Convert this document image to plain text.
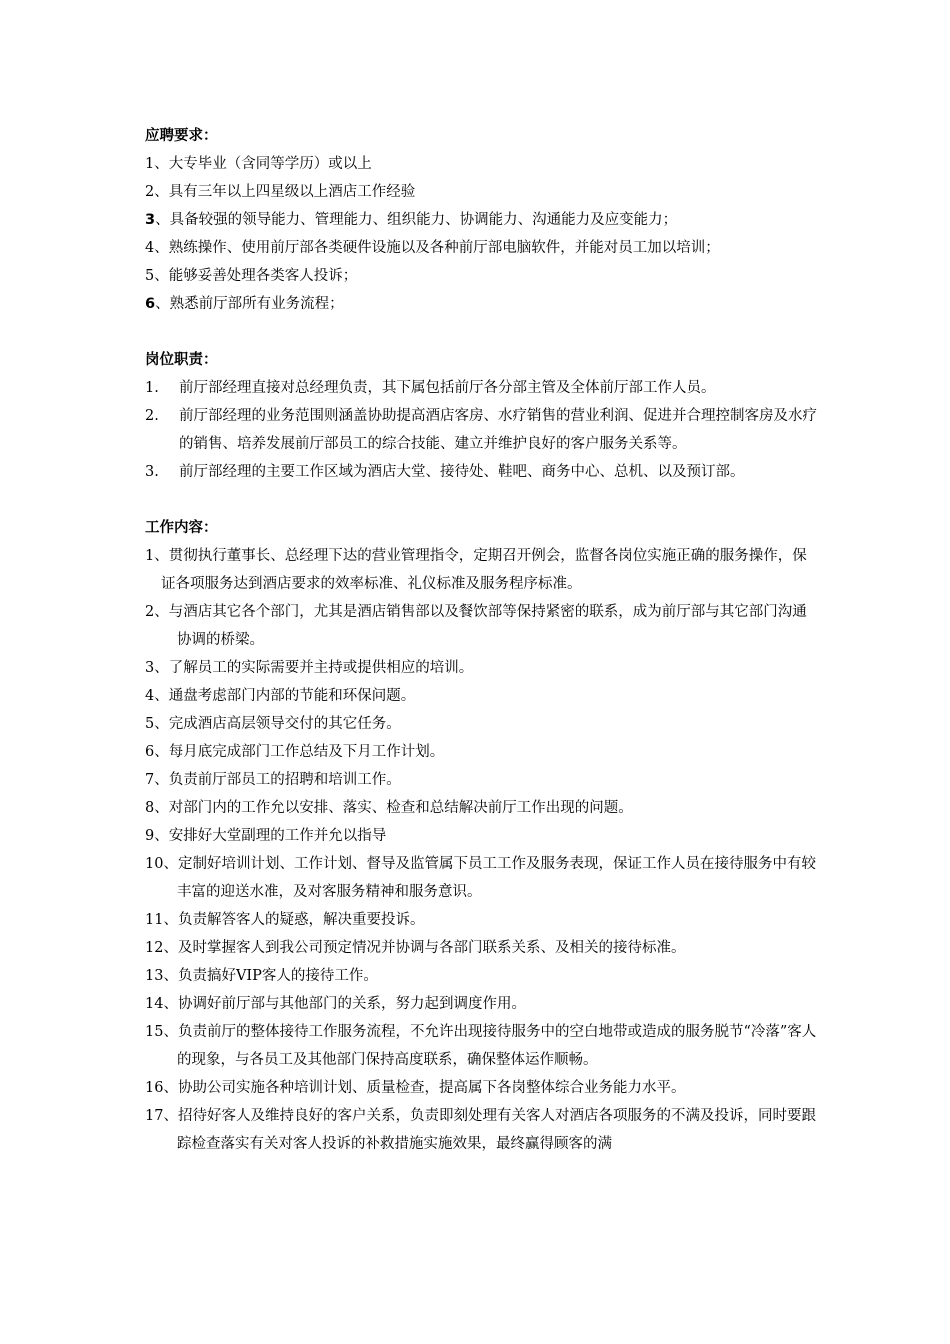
应聘要求：

1、大专毕业（含同等学历）或以上

2、具有三年以上四星级以上酒店工作经验

3、具备较强的领导能力、管理能力、组织能力、协调能力、沟通能力及应变能力；

4、熟练操作、使用前厅部各类硬件设施以及各种前厅部电脑软件，并能对员工加以培训；

5、能够妥善处理各类客人投诉；

6、熟悉前厅部所有业务流程；

岗位职责：

1. 前厅部经理直接对总经理负责，其下属包括前厅各分部主管及全体前厅部工作人员。

2. 前厅部经理的业务范围则涵盖协助提高酒店客房、水疗销售的营业利润、促进并合理控制客房及水疗的销售、培养发展前厅部员工的综合技能、建立并维护良好的客户服务关系等。

3. 前厅部经理的主要工作区域为酒店大堂、接待处、鞋吧、商务中心、总机、以及预订部。

工作内容：

1、贯彻执行董事长、总经理下达的营业管理指令，定期召开例会，监督各岗位实施正确的服务操作，保证各项服务达到酒店要求的效率标准、礼仪标准及服务程序标准。

2、与酒店其它各个部门，尤其是酒店销售部以及餐饮部等保持紧密的联系，成为前厅部与其它部门沟通协调的桥梁。

3、了解员工的实际需要并主持或提供相应的培训。

4、通盘考虑部门内部的节能和环保问题。

5、完成酒店高层领导交付的其它任务。

6、每月底完成部门工作总结及下月工作计划。

7、负责前厅部员工的招聘和培训工作。

8、对部门内的工作允以安排、落实、检查和总结解决前厅工作出现的问题。

9、安排好大堂副理的工作并允以指导

10、定制好培训计划、工作计划、督导及监管属下员工工作及服务表现，保证工作人员在接待服务中有较丰富的迎送水准，及对客服务精神和服务意识。

11、负责解答客人的疑惑，解决重要投诉。

12、及时掌握客人到我公司预定情况并协调与各部门联系关系、及相关的接待标准。

13、负责搞好VIP客人的接待工作。

14、协调好前厅部与其他部门的关系，努力起到调度作用。

15、负责前厅的整体接待工作服务流程，不允许出现接待服务中的空白地带或造成的服务脱节“冷落”客人的现象，与各员工及其他部门保持高度联系，确保整体运作顺畅。

16、协助公司实施各种培训计划、质量检查，提高属下各岗整体综合业务能力水平。

17、招待好客人及维持良好的客户关系，负责即刻处理有关客人对酒店各项服务的不满及投诉，同时要跟踪检查落实有关对客人投诉的补救措施实施效果，最终赢得顾客的满
